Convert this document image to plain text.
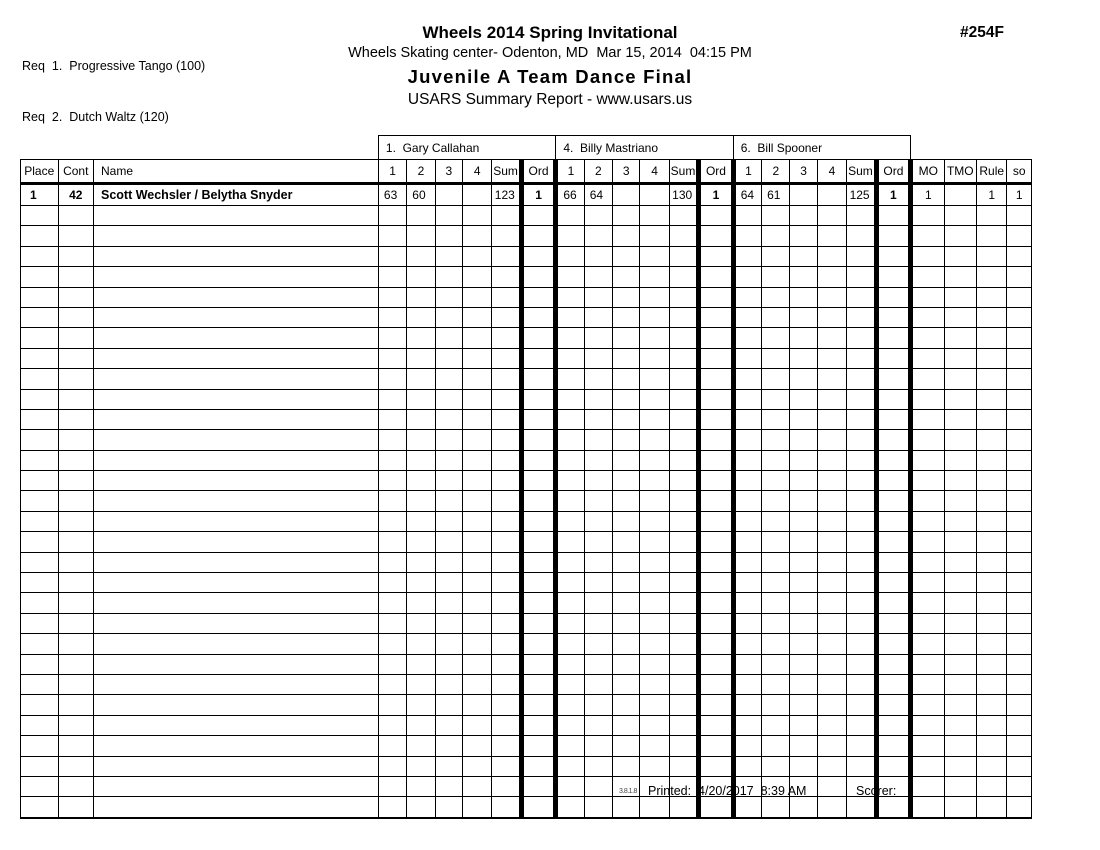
Req  1.  Progressive Tango (100)

Req  2.  Dutch Waltz (120)

Wheels 2014 Spring Invitational
Wheels Skating center- Odenton, MD  Mar 15, 2014  04:15 PM
Juvenile A Team Dance Final
USARS Summary Report - www.usars.us
#254F
			1.  Gary Callahan						4.  Billy Mastriano						6.  Bill Spooner									
Place	Cont	Name	1	2	3	4	Sum	Ord	1	2	3	4	Sum	Ord	1	2	3	4	Sum	Ord	MO	TMO	Rule	so
1	42	Scott Wechsler / Belytha Snyder	63	60			123	1	66	64			130	1	64	61			125	1	1		1	1

3.8.1.8 Printed:  4/20/2017  8:39 AM	Scorer:
